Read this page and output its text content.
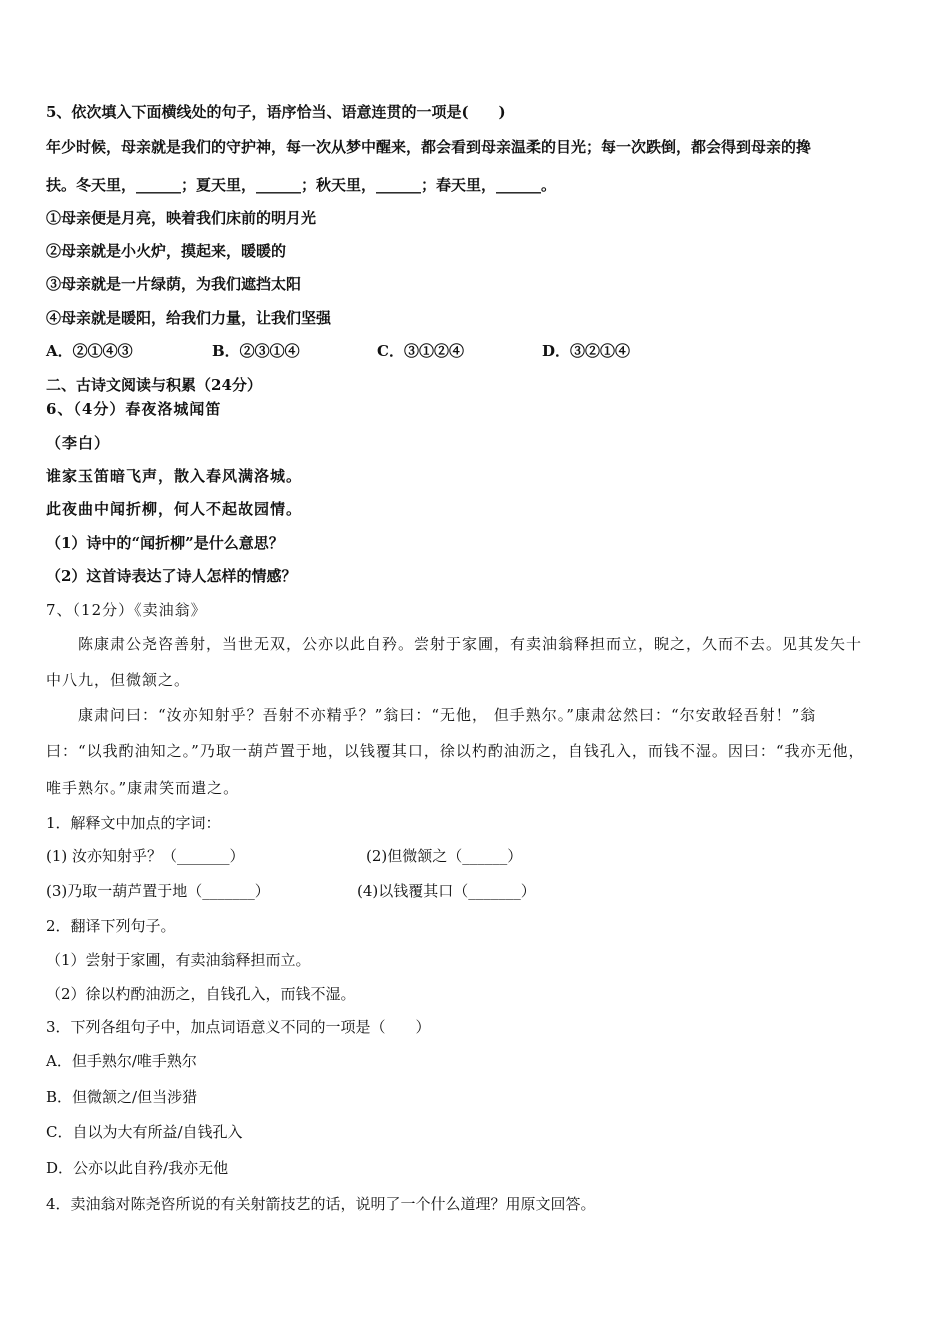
5、依次填入下面横线处的句子，语序恰当、语意连贯的一项是(　　)
年少时候，母亲就是我们的守护神，每一次从梦中醒来，都会看到母亲温柔的目光；每一次跌倒，都会得到母亲的搀
扶。冬天里，______；夏天里，______；秋天里，______；春天里，______。
①母亲便是月亮，映着我们床前的明月光
②母亲就是小火炉，摸起来，暖暖的
③母亲就是一片绿荫，为我们遮挡太阳
④母亲就是暖阳，给我们力量，让我们坚强
A．②①④③	B．②③①④	C．③①②④	D．③②①④
二、古诗文阅读与积累（24分）
6、（4分）春夜洛城闻笛
（李白）
谁家玉笛暗飞声，散入春风满洛城。
此夜曲中闻折柳，何人不起故园情。
（1）诗中的“闻折柳”是什么意思？
（2）这首诗表达了诗人怎样的情感？
7、（12分）《卖油翁》
陈康肃公尧咨善射，当世无双，公亦以此自矜。尝射于家圃，有卖油翁释担而立，睨之，久而不去。见其发矢十
中八九，但微颔之。
康肃问曰：“汝亦知射乎？吾射不亦精乎？”翁曰：“无他， 但手熟尔。”康肃忿然曰：“尔安敢轻吾射！”翁
曰：“以我酌油知之。”乃取一葫芦置于地，以钱覆其口，徐以杓酌油沥之，自钱孔入，而钱不湿。因曰：“我亦无他，
唯手熟尔。”康肃笑而遣之。
1．解释文中加点的字词：
(1) 汝亦知射乎？（_______）	(2)但微颔之（______）
(3)乃取一葫芦置于地（_______）	(4)以钱覆其口（_______）
2．翻译下列句子。
（1）尝射于家圃，有卖油翁释担而立。
（2）徐以杓酌油沥之，自钱孔入，而钱不湿。
3．下列各组句子中，加点词语意义不同的一项是（　　）
A．但手熟尔/唯手熟尔
B．但微颔之/但当涉猎
C．自以为大有所益/自钱孔入
D．公亦以此自矜/我亦无他
4．卖油翁对陈尧咨所说的有关射箭技艺的话，说明了一个什么道理？用原文回答。
